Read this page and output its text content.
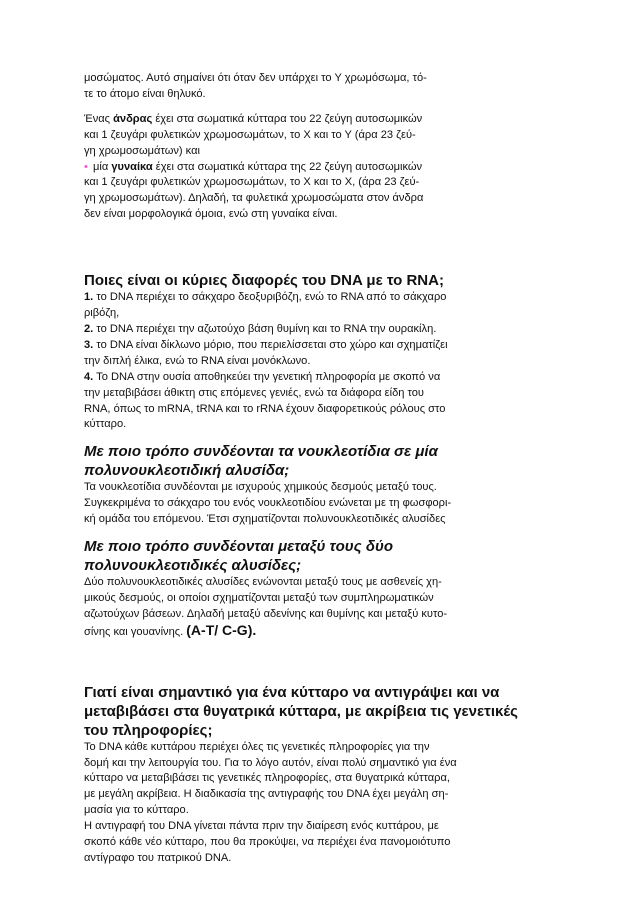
μοσώματος. Αυτό σημαίνει ότι όταν δεν υπάρχει το Υ χρωμόσωμα, τό-
τε το άτομο είναι θηλυκό.
Ένας άνδρας έχει στα σωματικά κύτταρα του 22 ζεύγη αυτοσωμικών
και 1 ζευγάρι φυλετικών χρωμοσωμάτων, το Χ και το Υ (άρα 23 ζεύ-
γη χρωμοσωμάτων) και
• μία γυναίκα έχει στα σωματικά κύτταρα της 22 ζεύγη αυτοσωμικών
και 1 ζευγάρι φυλετικών χρωμοσωμάτων, το Χ και το Χ, (άρα 23 ζεύ-
γη χρωμοσωμάτων). Δηλαδή, τα φυλετικά χρωμοσώματα στον άνδρα
δεν είναι μορφολογικά όμοια, ενώ στη γυναίκα είναι.
Ποιες είναι οι κύριες διαφορές του DNA με το RNA;
1. το DNA περιέχει το σάκχαρο δεοξυριβόζη, ενώ το RNA από το σάκχαρο
ριβόζη,
2. το DNA περιέχει την αζωτούχο βάση θυμίνη και το RNA την ουρακίλη.
3. το DNA είναι δίκλωνο μόριο, που περιελίσσεται στο χώρο και σχηματίζει
την διπλή έλικα, ενώ το RNA είναι μονόκλωνο.
4. Το DNA στην ουσία αποθηκεύει την γενετική πληροφορία με σκοπό να
την μεταβιβάσει άθικτη στις επόμενες γενιές, ενώ τα διάφορα είδη του
RNA, όπως το mRNA, tRNA και το rRNA έχουν διαφορετικούς ρόλους στο
κύτταρο.
Με ποιο τρόπο συνδέονται τα νουκλεοτίδια σε μία
πολυνουκλεοτιδική αλυσίδα;
Τα νουκλεοτίδια συνδέονται με ισχυρούς χημικούς δεσμούς μεταξύ τους.
Συγκεκριμένα το σάκχαρο του ενός νουκλεοτιδίου ενώνεται με τη φωσφορι-
κή ομάδα του επόμενου. Έτσι σχηματίζονται πολυνουκλεοτιδικές αλυσίδες
Με ποιο τρόπο συνδέονται μεταξύ τους δύο
πολυνουκλεοτιδικές αλυσίδες;
Δύο πολυνουκλεοτιδικές αλυσίδες ενώνονται μεταξύ τους με ασθενείς χη-
μικούς δεσμούς, οι οποίοι σχηματίζονται μεταξύ των συμπληρωματικών
αζωτούχων βάσεων. Δηλαδή μεταξύ αδενίνης και θυμίνης και μεταξύ κυτο-
σίνης και γουανίνης. (A-T/ C-G).
Γιατί είναι σημαντικό για ένα κύτταρο να αντιγράψει και να
μεταβιβάσει στα θυγατρικά κύτταρα, με ακρίβεια τις γενετικές
του πληροφορίες;
Το DNA κάθε κυττάρου περιέχει όλες τις γενετικές πληροφορίες για την
δομή και την λειτουργία του. Για το λόγο αυτόν, είναι πολύ σημαντικό για ένα
κύτταρο να μεταβιβάσει τις γενετικές πληροφορίες, στα θυγατρικά κύτταρα,
με μεγάλη ακρίβεια. Η διαδικασία της αντιγραφής του DNA έχει μεγάλη ση-
μασία για το κύτταρο.
Η αντιγραφή του DNA γίνεται πάντα πριν την διαίρεση ενός κυττάρου, με
σκοπό κάθε νέο κύτταρο, που θα προκύψει, να περιέχει ένα πανομοιότυπο
αντίγραφο του πατρικού DNA.
